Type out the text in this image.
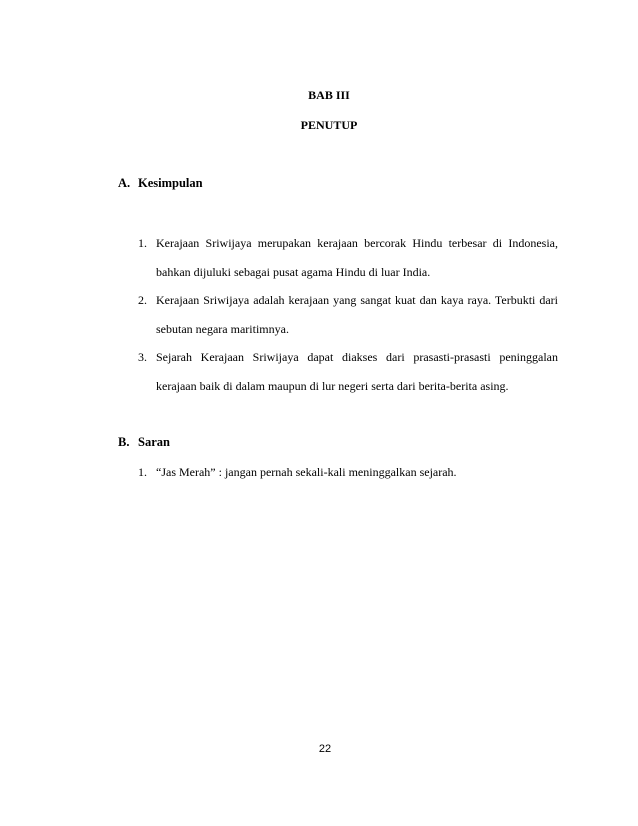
BAB III
PENUTUP
A. Kesimpulan
1. Kerajaan Sriwijaya merupakan kerajaan bercorak Hindu terbesar di Indonesia, bahkan dijuluki sebagai pusat agama Hindu di luar India.
2. Kerajaan Sriwijaya adalah kerajaan yang sangat kuat dan kaya raya. Terbukti dari sebutan negara maritimnya.
3. Sejarah Kerajaan Sriwijaya dapat diakses dari prasasti-prasasti peninggalan kerajaan baik di dalam maupun di lur negeri serta dari berita-berita asing.
B. Saran
1. “Jas Merah” : jangan pernah sekali-kali meninggalkan sejarah.
22
